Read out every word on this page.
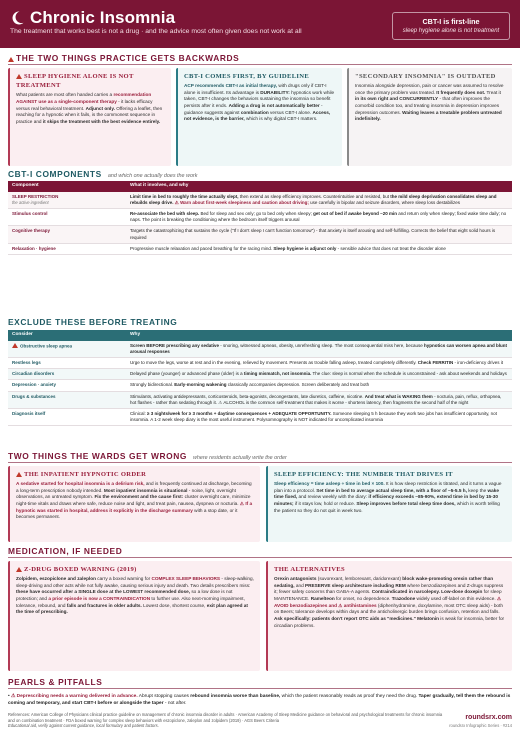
Chronic Insomnia
The treatment that works best is not a drug · and the advice most often given does not work at all
CBT-I is first-line
sleep hygiene alone is not treatment
THE TWO THINGS PRACTICE GETS BACKWARDS
SLEEP HYGIENE ALONE IS NOT TREATMENT
What patients are most often handed carries a recommendation AGAINST use as a single-component therapy - it lacks efficacy versus real behavioral treatment. Adjunct only. Offering a leaflet, then reaching for a hypnotic when it fails, is the commonest sequence in practice and it skips the treatment with the best evidence entirely.
CBT-I COMES FIRST, BY GUIDELINE
ACP recommends CBT-I as initial therapy, with drugs only if CBT-I alone is insufficient. Its advantage is DURABILITY: hypnotics work while taken, CBT-I changes the behaviors sustaining the insomnia so benefit persists after it ends. Adding a drug is not automatically better - guidance suggests against combination versus CBT-I alone. Access, not evidence, is the barrier, which is why digital CBT-I matters.
"SECONDARY INSOMNIA" IS OUTDATED
Insomnia alongside depression, pain or cancer was assumed to resolve once the primary problem was treated. It frequently does not. Treat it in its own right and CONCURRENTLY - that often improves the comorbid condition too, and treating insomnia in depression improves depression outcomes. Waiting leaves a treatable problem untreated indefinitely.
CBT-I COMPONENTS and which one actually does the work
Component	What it involves, and why
SLEEP RESTRICTION
the active ingredient	Limit time in bed to roughly the time actually slept, then extend as sleep efficiency improves. Counterintuitive and resisted, but the mild sleep deprivation consolidates sleep and rebuilds sleep drive. ⚠ Warn about first-week sleepiness and caution about driving; use carefully in bipolar and seizure disorders, where sleep loss destabilizes
Stimulus control	Re-associate the bed with sleep. Bed for sleep and sex only; go to bed only when sleepy; get out of bed if awake beyond ~20 min and return only when sleepy; fixed wake time daily; no naps. The point is breaking the conditioning where the bedroom itself triggers arousal
Cognitive therapy	Targets the catastrophizing that sustains the cycle ("If I don't sleep I can't function tomorrow") - that anxiety is itself arousing and self-fulfilling. Corrects the belief that eight solid hours is required
Relaxation · hygiene	Progressive muscle relaxation and paced breathing for the racing mind. Sleep hygiene is adjunct only - sensible advice that does not treat the disorder alone
EXCLUDE THESE BEFORE TREATING
Consider	Why
Obstructive sleep apnea	Screen BEFORE prescribing any sedative - snoring, witnessed apneas, obesity, unrefreshing sleep. The most consequential miss here, because hypnotics can worsen apnea and blunt arousal responses
Restless legs	Urge to move the legs, worse at rest and in the evening, relieved by movement. Presents as trouble falling asleep, treated completely differently. Check FERRITIN - iron-deficiency drives it
Circadian disorders	Delayed phase (younger) or advanced phase (older) is a timing mismatch, not insomnia. The clue: sleep is normal when the schedule is unconstrained - ask about weekends and holidays
Depression · anxiety	Strongly bidirectional. Early-morning wakening classically accompanies depression. Screen deliberately and treat both
Drugs & substances	Stimulants, activating antidepressants, corticosteroids, beta-agonists, decongestants, late diuretics, caffeine, nicotine. And treat what is WAKING them - nocturia, pain, reflux, orthopnea, hot flashes - rather than sedating through it. ⚠ ALCOHOL is the common self-treatment that makes it worse - shortens latency, then fragments the second half of the night
Diagnosis itself	Clinical: ≥ 3 nights/week for ≥ 3 months + daytime consequences + ADEQUATE OPPORTUNITY. Someone sleeping 5 h because they work two jobs has insufficient opportunity, not insomnia. A 1-2 week sleep diary is the most useful instrument. Polysomnography is NOT indicated for uncomplicated insomnia
TWO THINGS THE WARDS GET WRONG where residents actually write the order
THE INPATIENT HYPNOTIC ORDER
A sedative started for hospital insomnia is a delirium risk, and is frequently continued at discharge, becoming a long-term prescription nobody intended. Most inpatient insomnia is situational - noise, light, overnight observations, an untreated symptom. Fix the environment and the cause first: cluster overnight care, minimize night-time vitals and draws where safe, reduce noise and light, and treat pain, nausea, dyspnea or nocturia. ⚠ If a hypnotic was started in hospital, address it explicitly in the discharge summary with a stop date, or it becomes permanent.
SLEEP EFFICIENCY: THE NUMBER THAT DRIVES IT
Sleep efficiency = time asleep ÷ time in bed × 100. It is how sleep restriction is titrated, and it turns a vague plan into a protocol. Set time in bed to average actual sleep time, with a floor of ~5-5.5 h, keep the wake time fixed, and review weekly with the diary: if efficiency exceeds ~85-90%, extend time in bed by 15-30 minutes; if it stays low, hold or reduce. Sleep improves before total sleep time does, which is worth telling the patient so they do not quit in week two.
MEDICATION, IF NEEDED
Z-DRUG BOXED WARNING (2019)
Zolpidem, eszopiclone and zaleplon carry a boxed warning for COMPLEX SLEEP BEHAVIORS - sleep-walking, sleep-driving and other acts while not fully awake, causing serious injury and death. Two details prescribers miss: these have occurred after a SINGLE dose at the LOWEST recommended dose, so a low dose is not protection; and a prior episode is now a CONTRAINDICATION to further use. Also next-morning impairment, tolerance, rebound, and falls and fractures in older adults. Lowest dose, shortest course, exit plan agreed at the time of prescribing.
THE ALTERNATIVES
Orexin antagonists (suvorexant, lemborexant, daridorexant) block wake-promoting orexin rather than sedating, and PRESERVE sleep architecture including REM where benzodiazepines and Z-drugs suppress it; fewer safety concerns than GABA-A agents. Contraindicated in narcolepsy. Low-dose doxepin for sleep MAINTENANCE. Ramelteon for onset, no dependence. Trazodone widely used off-label on thin evidence. ⚠ AVOID benzodiazepines and ⚠ antihistamines (diphenhydramine, doxylamine, most OTC sleep aids) - both on Beers; tolerance develops within days and the anticholinergic burden brings confusion, retention and falls. Ask specifically: patients don't report OTC aids as "medicines." Melatonin is weak for insomnia, better for circadian problems.
PEARLS & PITFALLS
• ⚠ Deprescribing needs a warning delivered in advance. Abrupt stopping causes rebound insomnia worse than baseline, which the patient reasonably reads as proof they need the drug. Taper gradually, tell them the rebound is coming and temporary, and start CBT-I before or alongside the taper - not after.
References: American College of Physicians clinical practice guideline on management of chronic insomnia disorder in adults · American Academy of Sleep Medicine guidance on behavioral and psychological treatments for chronic insomnia and on combination treatment · FDA boxed warning for complex sleep behaviors with eszopiclone, zaleplon and zolpidem (2019) · AGS Beers Criteria
Educational aid, verify against current guidance, local formulary and patient factors.
roundsrx.com
roundsrx Infographic Series · #214
